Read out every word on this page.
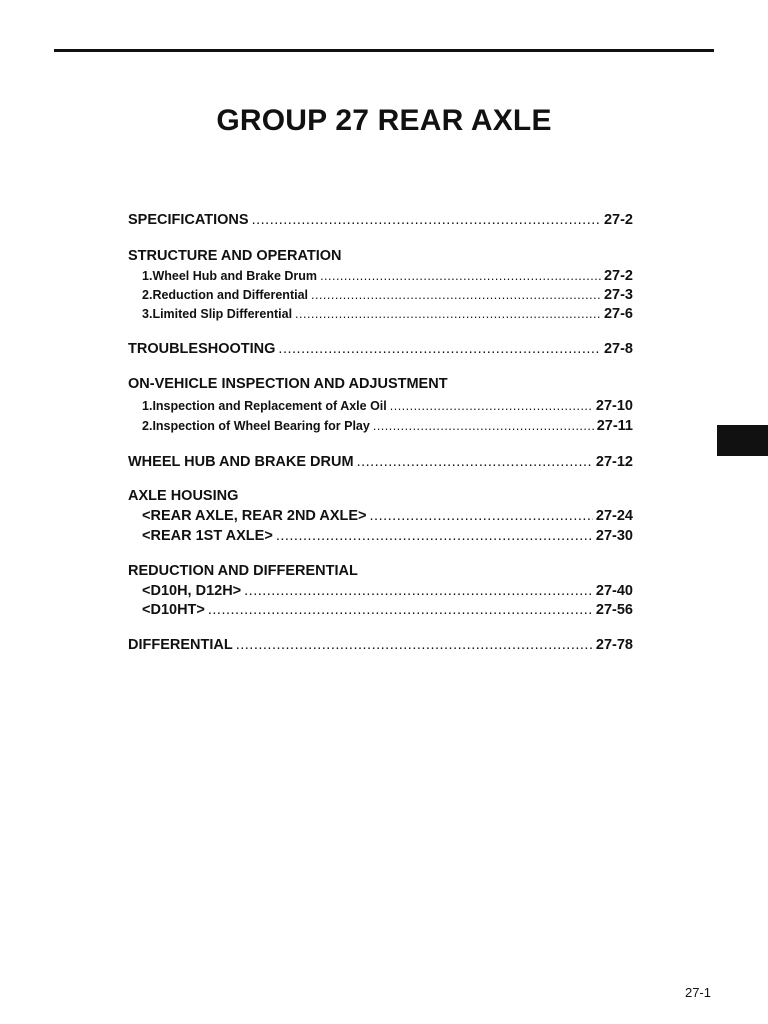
GROUP 27 REAR AXLE
SPECIFICATIONS .....	27-2
STRUCTURE AND OPERATION
1. Wheel Hub and Brake Drum .....	27-2
2. Reduction and Differential .....	27-3
3. Limited Slip Differential .....	27-6
TROUBLESHOOTING .....	27-8
ON-VEHICLE INSPECTION AND ADJUSTMENT
1. Inspection and Replacement of Axle Oil .....	27-10
2. Inspection of Wheel Bearing for Play .....	27-11
WHEEL HUB AND BRAKE DRUM .....	27-12
AXLE HOUSING
<REAR AXLE, REAR 2ND AXLE> .....	27-24
<REAR 1ST AXLE> .....	27-30
REDUCTION AND DIFFERENTIAL
<D10H, D12H> .....	27-40
<D10HT> .....	27-56
DIFFERENTIAL .....	27-78
27-1
